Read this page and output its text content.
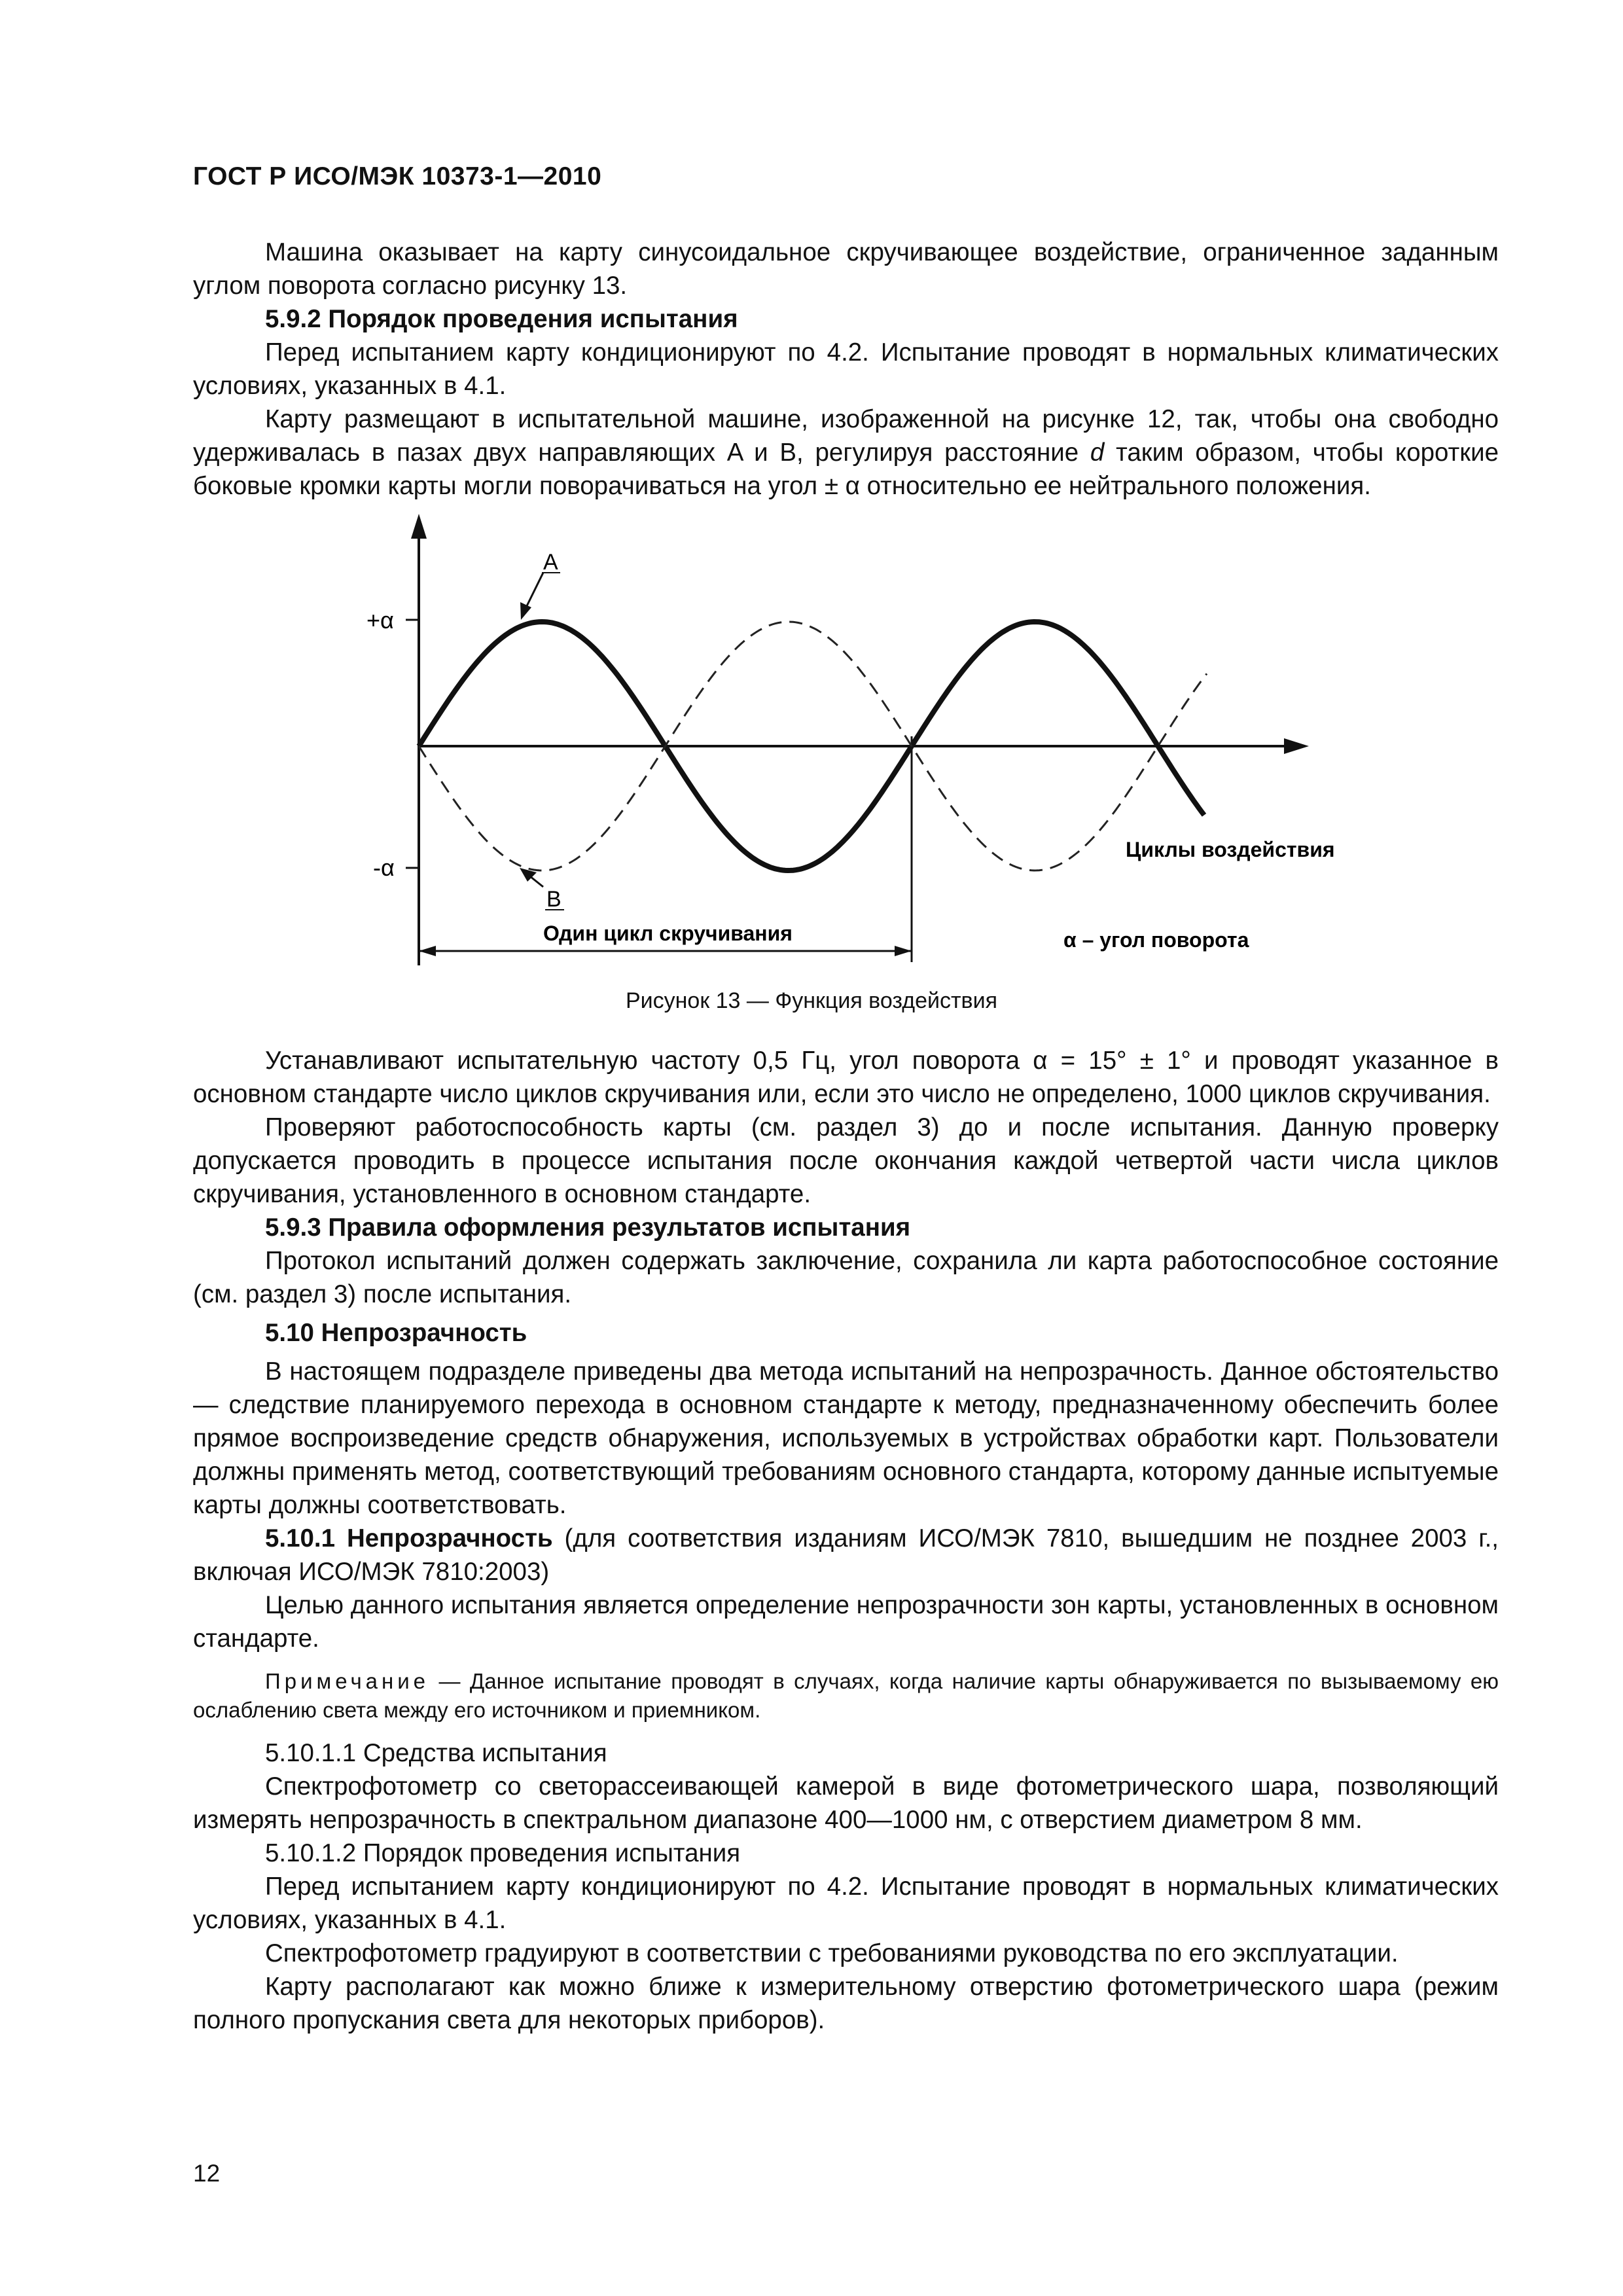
ГОСТ Р ИСО/МЭК 10373-1—2010

Машина оказывает на карту синусоидальное скручивающее воздействие, ограниченное заданным углом поворота согласно рисунку 13.

5.9.2 Порядок проведения испытания

Перед испытанием карту кондиционируют по 4.2. Испытание проводят в нормальных климатических условиях, указанных в 4.1.

Карту размещают в испытательной машине, изображенной на рисунке 12, так, чтобы она свободно удерживалась в пазах двух направляющих A и B, регулируя расстояние d таким образом, чтобы короткие боковые кромки карты могли поворачиваться на угол ± α относительно ее нейтрального положения.

+α
-α
A
B
Циклы воздействия
Один цикл скручивания	α – угол поворота
Рисунок 13 — Функция воздействия

Устанавливают испытательную частоту 0,5 Гц, угол поворота α = 15° ± 1° и проводят указанное в основном стандарте число циклов скручивания или, если это число не определено, 1000 циклов скручивания.

Проверяют работоспособность карты (см. раздел 3) до и после испытания. Данную проверку допускается проводить в процессе испытания после окончания каждой четвертой части числа циклов скручивания, установленного в основном стандарте.

5.9.3 Правила оформления результатов испытания

Протокол испытаний должен содержать заключение, сохранила ли карта работоспособное состояние (см. раздел 3) после испытания.

5.10 Непрозрачность

В настоящем подразделе приведены два метода испытаний на непрозрачность. Данное обстоятельство — следствие планируемого перехода в основном стандарте к методу, предназначенному обеспечить более прямое воспроизведение средств обнаружения, используемых в устройствах обработки карт. Пользователи должны применять метод, соответствующий требованиям основного стандарта, которому данные испытуемые карты должны соответствовать.

5.10.1 Непрозрачность (для соответствия изданиям ИСО/МЭК 7810, вышедшим не позднее 2003 г., включая ИСО/МЭК 7810:2003)

Целью данного испытания является определение непрозрачности зон карты, установленных в основном стандарте.

Примечание — Данное испытание проводят в случаях, когда наличие карты обнаруживается по вызываемому ею ослаблению света между его источником и приемником.

5.10.1.1 Средства испытания

Спектрофотометр со светорассеивающей камерой в виде фотометрического шара, позволяющий измерять непрозрачность в спектральном диапазоне 400—1000 нм, с отверстием диаметром 8 мм.

5.10.1.2 Порядок проведения испытания

Перед испытанием карту кондиционируют по 4.2. Испытание проводят в нормальных климатических условиях, указанных в 4.1.

Спектрофотометр градуируют в соответствии с требованиями руководства по его эксплуатации.

Карту располагают как можно ближе к измерительному отверстию фотометрического шара (режим полного пропускания света для некоторых приборов).

12
